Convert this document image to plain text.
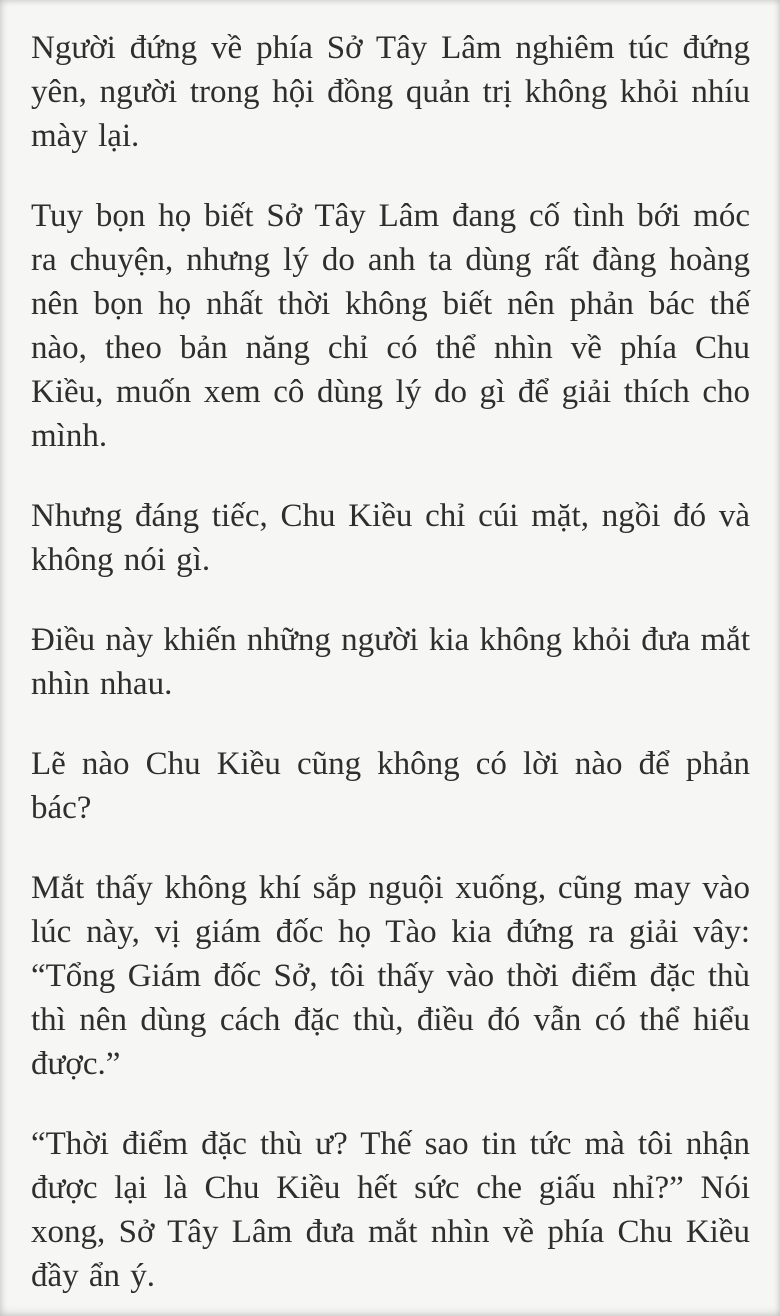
Người đứng về phía Sở Tây Lâm nghiêm túc đứng yên, người trong hội đồng quản trị không khỏi nhíu mày lại.

Tuy bọn họ biết Sở Tây Lâm đang cố tình bới móc ra chuyện, nhưng lý do anh ta dùng rất đàng hoàng nên bọn họ nhất thời không biết nên phản bác thế nào, theo bản năng chỉ có thể nhìn về phía Chu Kiều, muốn xem cô dùng lý do gì để giải thích cho mình.

Nhưng đáng tiếc, Chu Kiều chỉ cúi mặt, ngồi đó và không nói gì.

Điều này khiến những người kia không khỏi đưa mắt nhìn nhau.

Lẽ nào Chu Kiều cũng không có lời nào để phản bác?

Mắt thấy không khí sắp nguội xuống, cũng may vào lúc này, vị giám đốc họ Tào kia đứng ra giải vây: “Tổng Giám đốc Sở, tôi thấy vào thời điểm đặc thù thì nên dùng cách đặc thù, điều đó vẫn có thể hiểu được.”

“Thời điểm đặc thù ư? Thế sao tin tức mà tôi nhận được lại là Chu Kiều hết sức che giấu nhỉ?” Nói xong, Sở Tây Lâm đưa mắt nhìn về phía Chu Kiều đầy ẩn ý.
